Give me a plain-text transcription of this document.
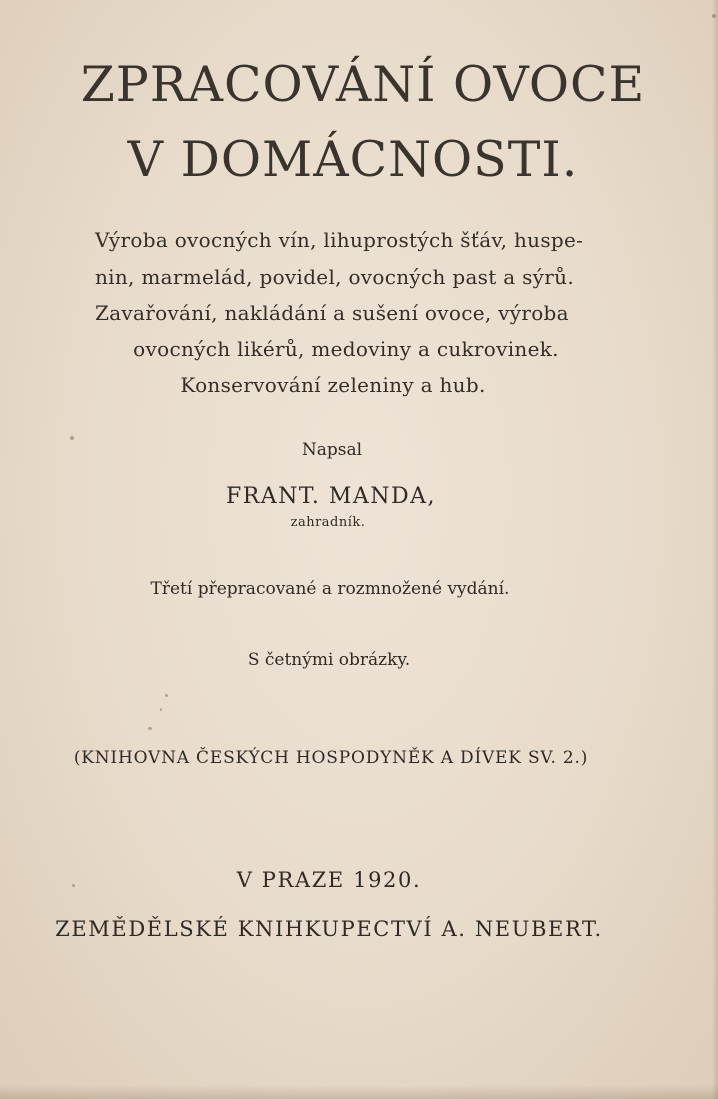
ZPRACOVÁNÍ OVOCE
V DOMÁCNOSTI.
Výroba ovocných vín, lihuprostých šťáv, huspe-
nin, marmelád, povidel, ovocných past a sýrů.
Zavařování, nakládání a sušení ovoce, výroba
ovocných likérů, medoviny a cukrovinek.
Konservování zeleniny a hub.
Napsal
FRANT. MANDA,
zahradník.
Třetí přepracované a rozmnožené vydání.
S četnými obrázky.
(KNIHOVNA ČESKÝCH HOSPODYNĚK A DÍVEK SV. 2.)
V PRAZE 1920.
ZEMĚDĚLSKÉ KNIHKUPECTVÍ A. NEUBERT.
